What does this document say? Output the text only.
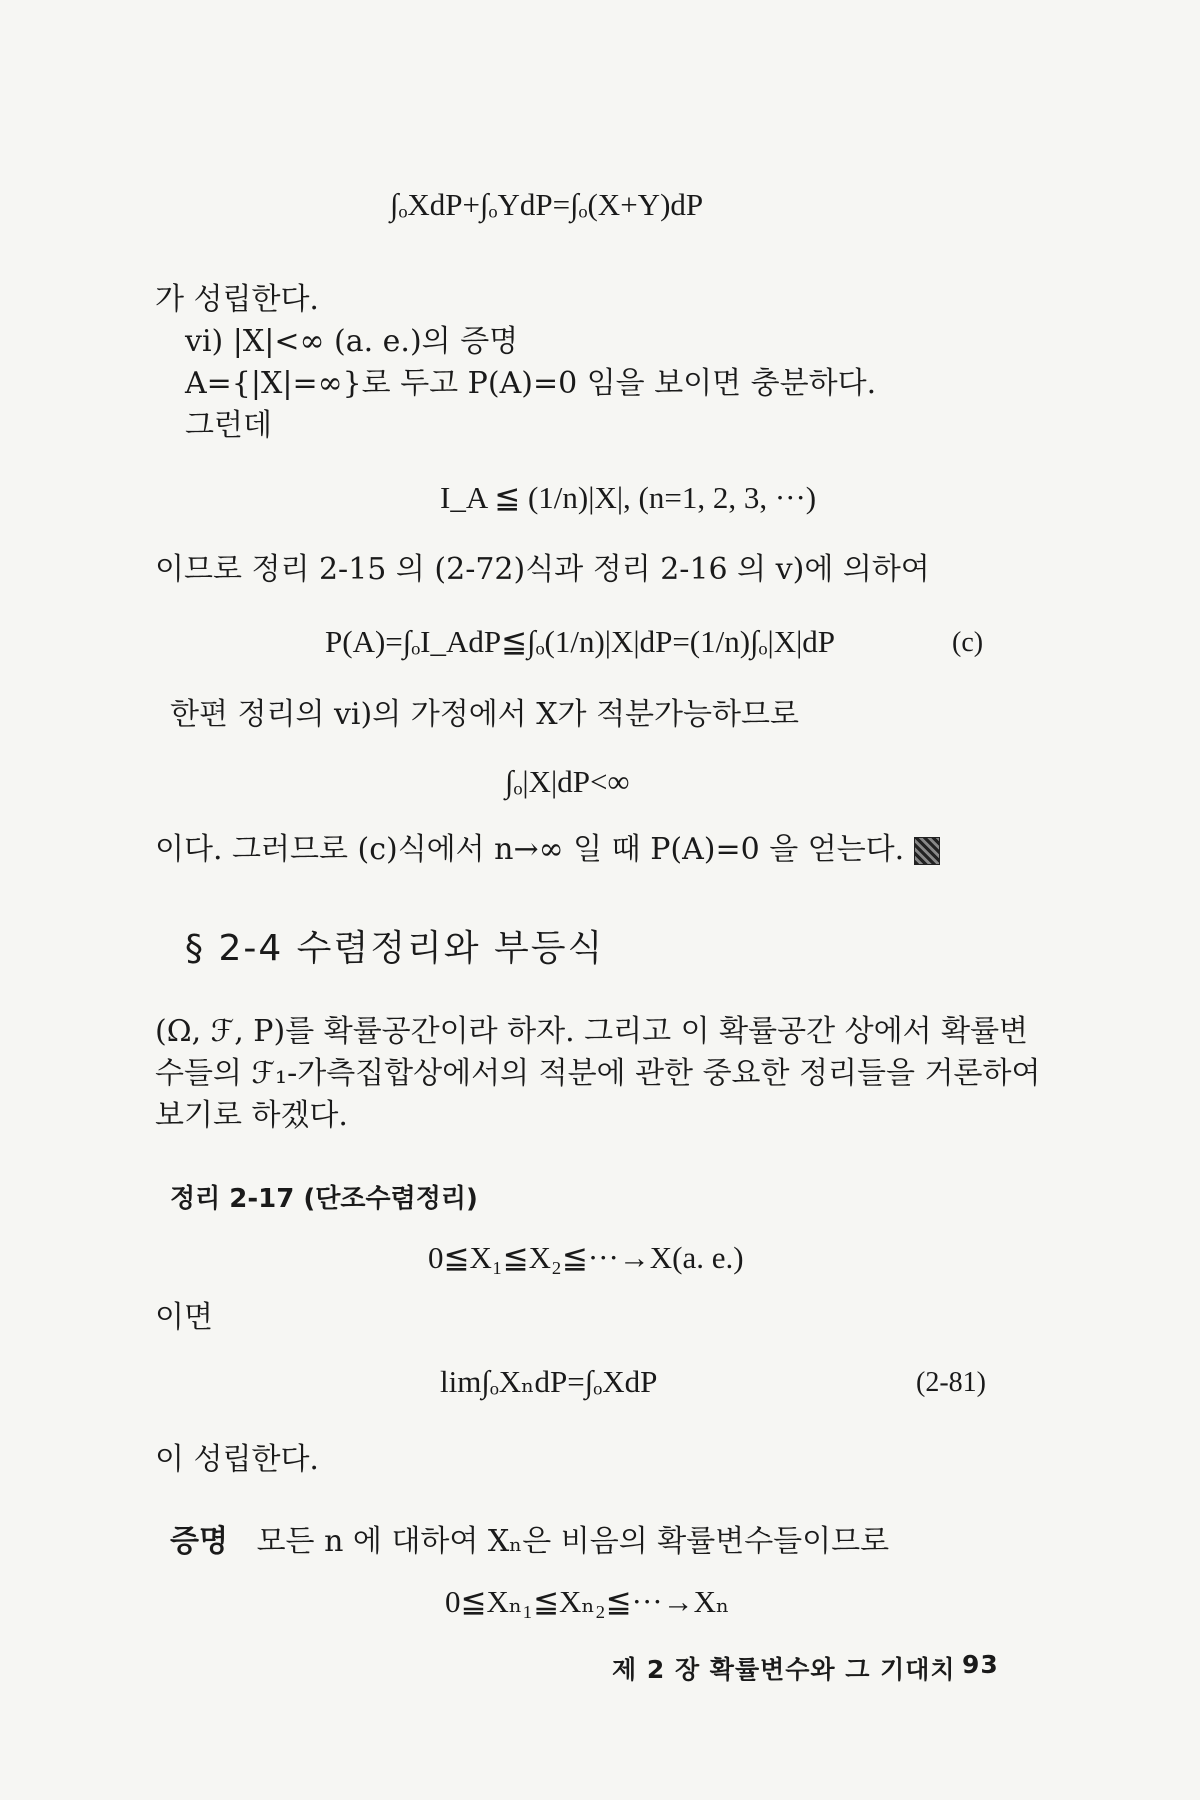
∫ₒXdP+∫ₒYdP=∫ₒ(X+Y)dP
가 성립한다.
vi) |X|<∞ (a. e.)의 증명
A={|X|=∞}로 두고 P(A)=0 임을 보이면 충분하다.
그런데
I_A ≦ (1/n)|X|, (n=1, 2, 3, ···)
이므로 정리 2-15 의 (2-72)식과 정리 2-16 의 v)에 의하여
P(A)=∫ₒI_AdP≦∫ₒ(1/n)|X|dP=(1/n)∫ₒ|X|dP	(c)
한편 정리의 vi)의 가정에서 X가 적분가능하므로
∫ₒ|X|dP<∞
이다. 그러므로 (c)식에서 n→∞ 일 때 P(A)=0 을 얻는다.
§ 2-4 수렴정리와 부등식
(Ω, ℱ, P)를 확률공간이라 하자. 그리고 이 확률공간 상에서 확률변
수들의 ℱ₁-가측집합상에서의 적분에 관한 중요한 정리들을 거론하여
보기로 하겠다.
정리 2-17 (단조수렴정리)
0≦X₁≦X₂≦···→X(a. e.)
이면
lim∫ₒXₙdP=∫ₒXdP	(2-81)
이 성립한다.
증명 모든 n 에 대하여 Xₙ은 비음의 확률변수들이므로
0≦Xₙ₁≦Xₙ₂≦···→Xₙ
제 2 장 확률변수와 그 기대치 93
